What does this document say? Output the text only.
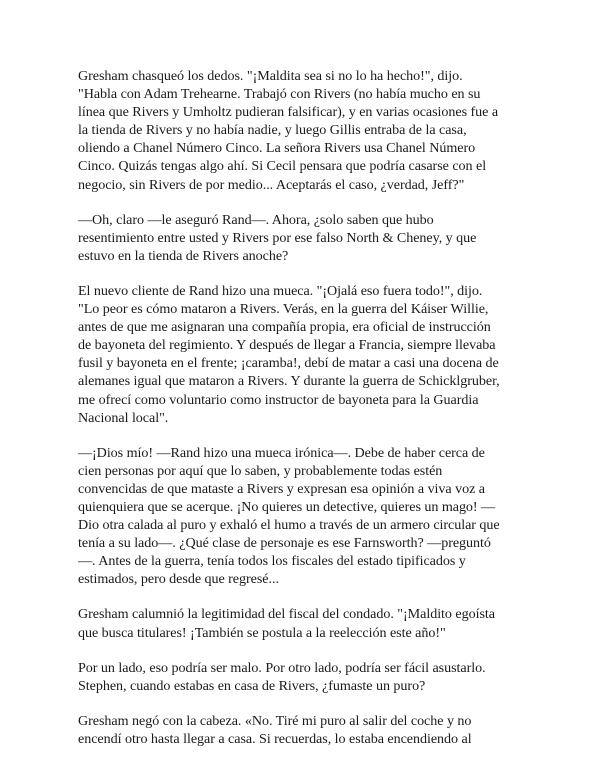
Gresham chasqueó los dedos. "¡Maldita sea si no lo ha hecho!", dijo.
"Habla con Adam Trehearne. Trabajó con Rivers (no había mucho en su
línea que Rivers y Umholtz pudieran falsificar), y en varias ocasiones fue a
la tienda de Rivers y no había nadie, y luego Gillis entraba de la casa,
oliendo a Chanel Número Cinco. La señora Rivers usa Chanel Número
Cinco. Quizás tengas algo ahí. Si Cecil pensara que podría casarse con el
negocio, sin Rivers de por medio... Aceptarás el caso, ¿verdad, Jeff?"

—Oh, claro —le aseguró Rand—. Ahora, ¿solo saben que hubo
resentimiento entre usted y Rivers por ese falso North & Cheney, y que
estuvo en la tienda de Rivers anoche?

El nuevo cliente de Rand hizo una mueca. "¡Ojalá eso fuera todo!", dijo.
"Lo peor es cómo mataron a Rivers. Verás, en la guerra del Káiser Willie,
antes de que me asignaran una compañía propia, era oficial de instrucción
de bayoneta del regimiento. Y después de llegar a Francia, siempre llevaba
fusil y bayoneta en el frente; ¡caramba!, debí de matar a casi una docena de
alemanes igual que mataron a Rivers. Y durante la guerra de Schicklgruber,
me ofrecí como voluntario como instructor de bayoneta para la Guardia
Nacional local".

—¡Dios mío! —Rand hizo una mueca irónica—. Debe de haber cerca de
cien personas por aquí que lo saben, y probablemente todas estén
convencidas de que mataste a Rivers y expresan esa opinión a viva voz a
quienquiera que se acerque. ¡No quieres un detective, quieres un mago! —
Dio otra calada al puro y exhaló el humo a través de un armero circular que
tenía a su lado—. ¿Qué clase de personaje es ese Farnsworth? —preguntó
—. Antes de la guerra, tenía todos los fiscales del estado tipificados y
estimados, pero desde que regresé...

Gresham calumnió la legitimidad del fiscal del condado. "¡Maldito egoísta
que busca titulares! ¡También se postula a la reelección este año!"

Por un lado, eso podría ser malo. Por otro lado, podría ser fácil asustarlo.
Stephen, cuando estabas en casa de Rivers, ¿fumaste un puro?

Gresham negó con la cabeza. «No. Tiré mi puro al salir del coche y no
encendí otro hasta llegar a casa. Si recuerdas, lo estaba encendiendo al
